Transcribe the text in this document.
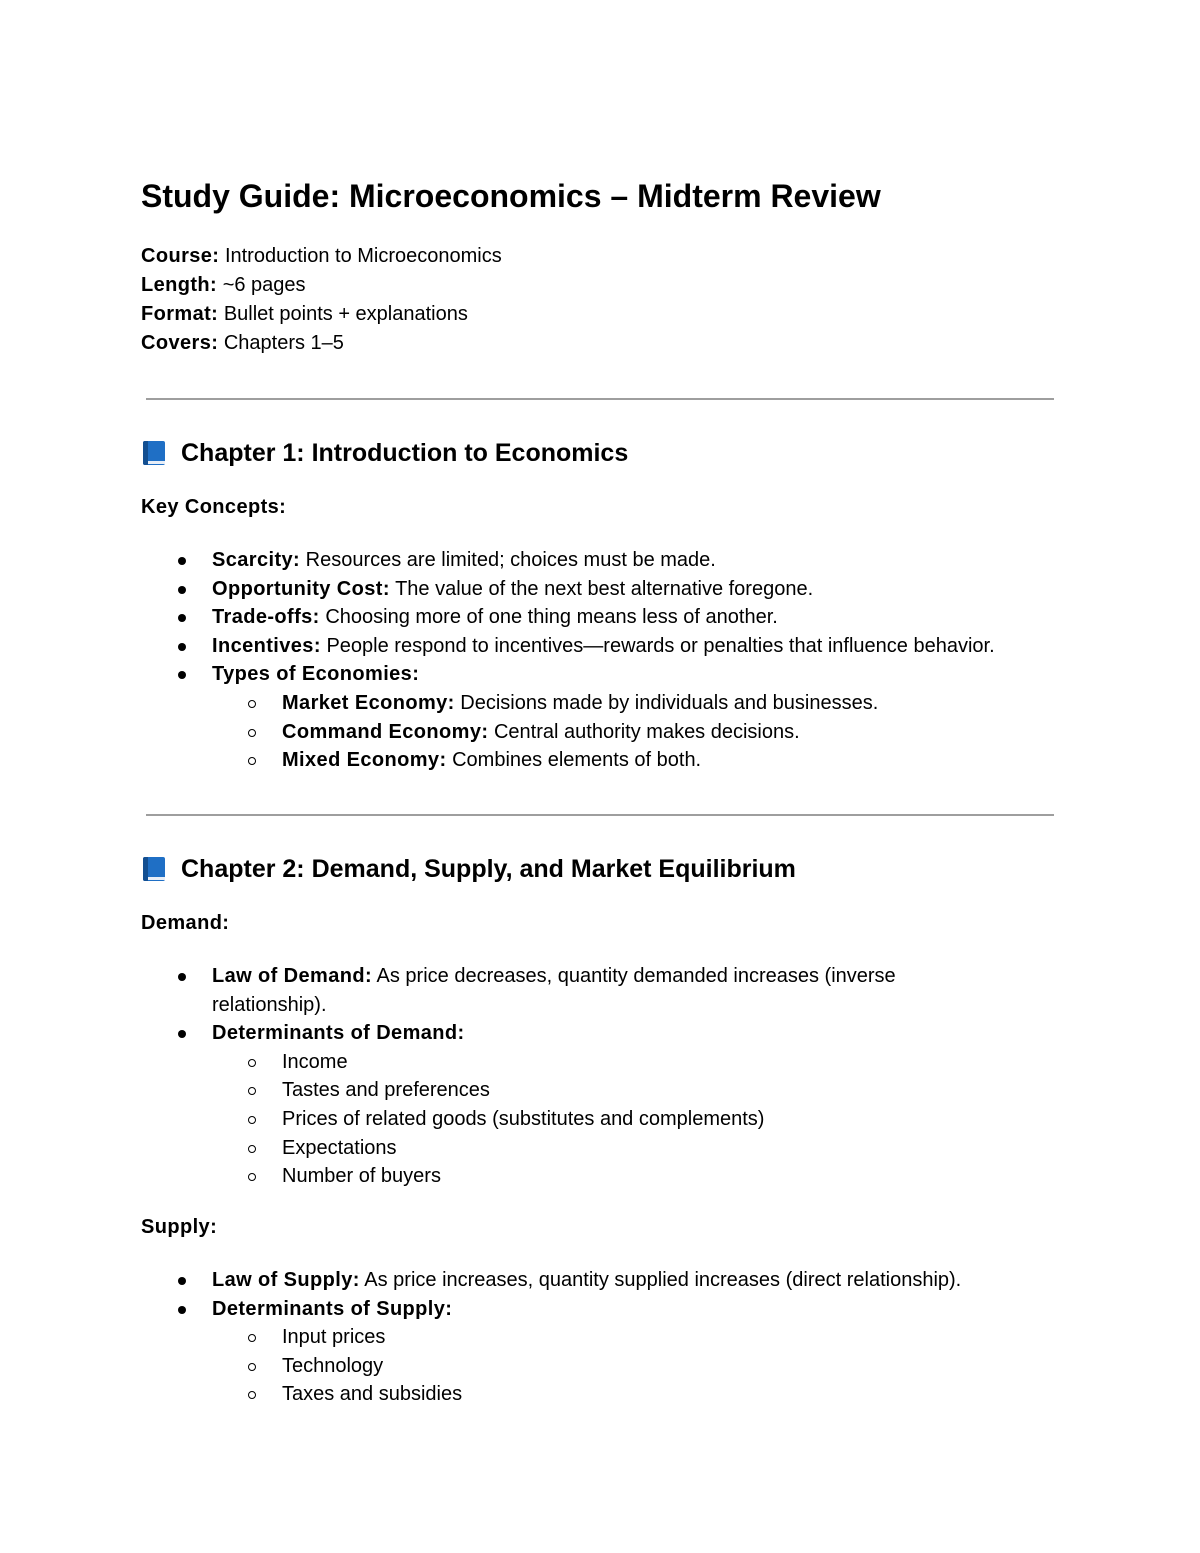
Study Guide: Microeconomics – Midterm Review
Course: Introduction to Microeconomics
Length: ~6 pages
Format: Bullet points + explanations
Covers: Chapters 1–5
Chapter 1: Introduction to Economics
Key Concepts:
Scarcity: Resources are limited; choices must be made.
Opportunity Cost: The value of the next best alternative foregone.
Trade-offs: Choosing more of one thing means less of another.
Incentives: People respond to incentives—rewards or penalties that influence behavior.
Types of Economies:
Market Economy: Decisions made by individuals and businesses.
Command Economy: Central authority makes decisions.
Mixed Economy: Combines elements of both.
Chapter 2: Demand, Supply, and Market Equilibrium
Demand:
Law of Demand: As price decreases, quantity demanded increases (inverse relationship).
Determinants of Demand:
Income
Tastes and preferences
Prices of related goods (substitutes and complements)
Expectations
Number of buyers
Supply:
Law of Supply: As price increases, quantity supplied increases (direct relationship).
Determinants of Supply:
Input prices
Technology
Taxes and subsidies
